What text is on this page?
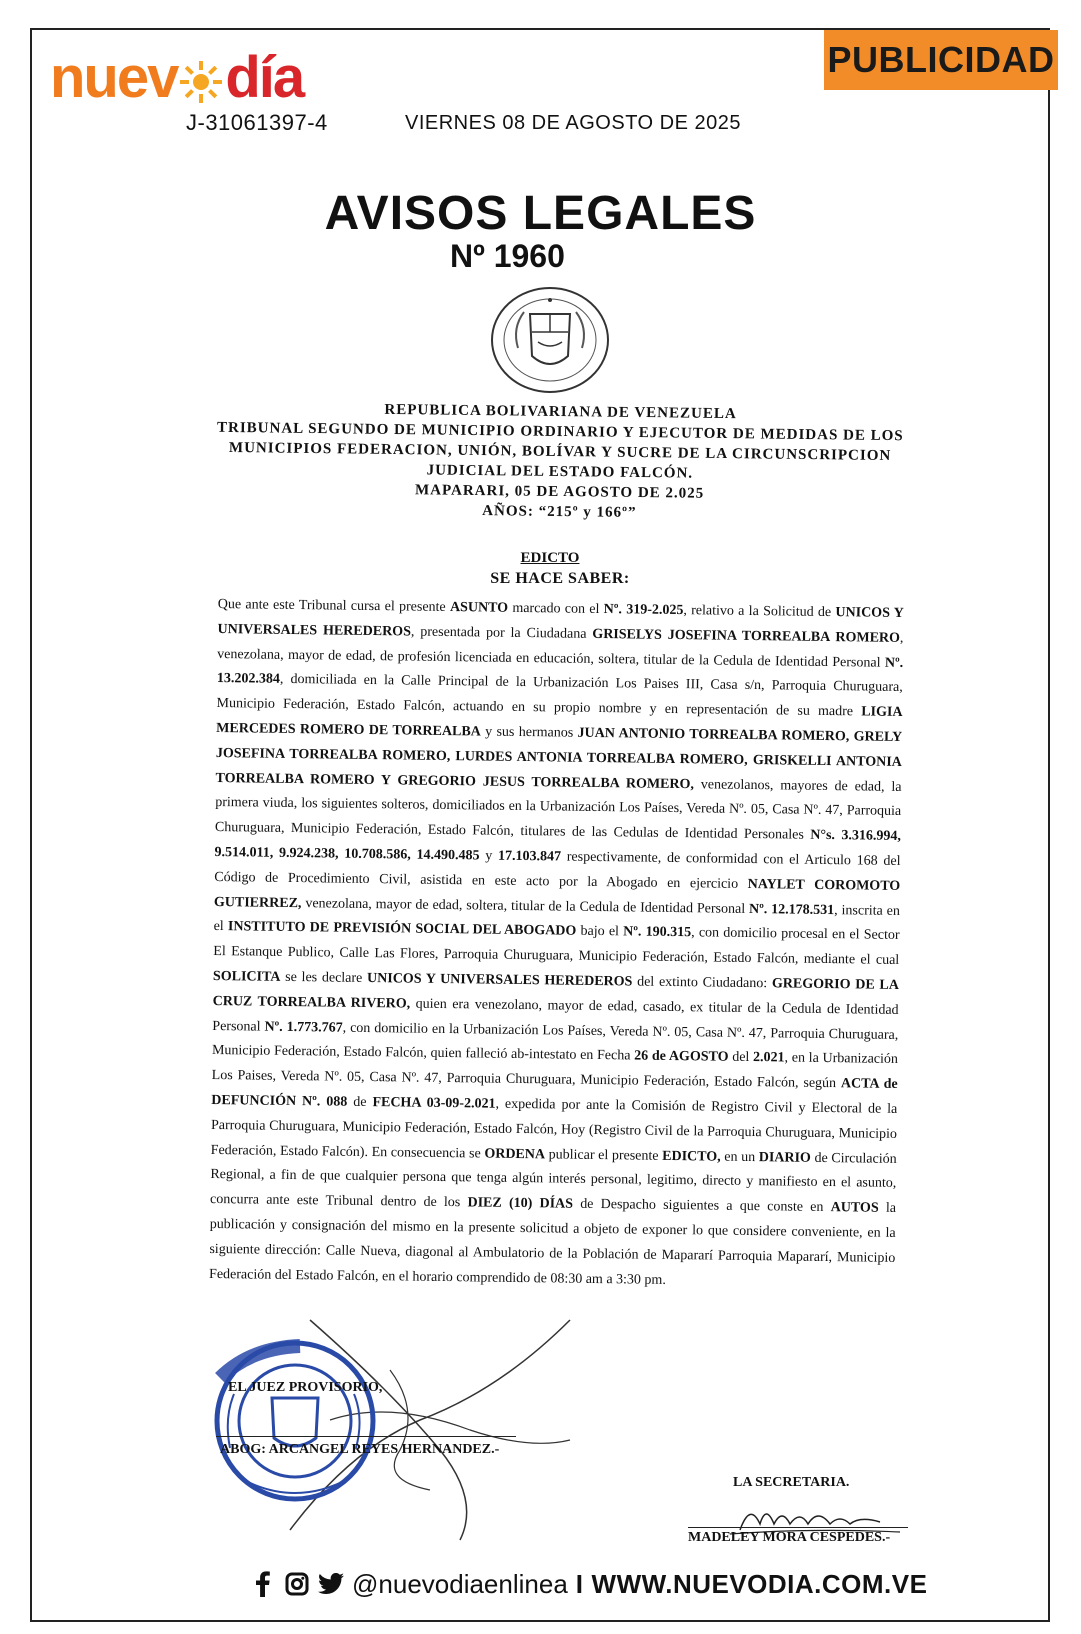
nuev día
J-31061397-4	VIERNES 08 DE AGOSTO DE 2025
PUBLICIDAD
AVISOS LEGALES
Nº 1960
REPUBLICA BOLIVARIANA DE VENEZUELA
TRIBUNAL SEGUNDO DE MUNICIPIO ORDINARIO Y EJECUTOR DE MEDIDAS DE LOS MUNICIPIOS FEDERACION, UNIÓN, BOLÍVAR Y SUCRE DE LA CIRCUNSCRIPCION JUDICIAL DEL ESTADO FALCÓN.
MAPARARI, 05 DE AGOSTO DE 2.025
AÑOS: “215º y 166º”
EDICTO
SE HACE SABER:
Que ante este Tribunal cursa el presente ASUNTO marcado con el Nº. 319-2.025, relativo a la Solicitud de UNICOS Y UNIVERSALES HEREDEROS, presentada por la Ciudadana GRISELYS JOSEFINA TORREALBA ROMERO, venezolana, mayor de edad, de profesión licenciada en educación, soltera, titular de la Cedula de Identidad Personal Nº. 13.202.384, domiciliada en la Calle Principal de la Urbanización Los Paises III, Casa s/n, Parroquia Churuguara, Municipio Federación, Estado Falcón, actuando en su propio nombre y en representación de su madre LIGIA MERCEDES ROMERO DE TORREALBA y sus hermanos JUAN ANTONIO TORREALBA ROMERO, GRELY JOSEFINA TORREALBA ROMERO, LURDES ANTONIA TORREALBA ROMERO, GRISKELLI ANTONIA TORREALBA ROMERO Y GREGORIO JESUS TORREALBA ROMERO, venezolanos, mayores de edad, la primera viuda, los siguientes solteros, domiciliados en la Urbanización Los Países, Vereda Nº. 05, Casa Nº. 47, Parroquia Churuguara, Municipio Federación, Estado Falcón, titulares de las Cedulas de Identidad Personales N°s. 3.316.994, 9.514.011, 9.924.238, 10.708.586, 14.490.485 y 17.103.847 respectivamente, de conformidad con el Articulo 168 del Código de Procedimiento Civil, asistida en este acto por la Abogado en ejercicio NAYLET COROMOTO GUTIERREZ, venezolana, mayor de edad, soltera, titular de la Cedula de Identidad Personal Nº. 12.178.531, inscrita en el INSTITUTO DE PREVISIÓN SOCIAL DEL ABOGADO bajo el Nº. 190.315, con domicilio procesal en el Sector El Estanque Publico, Calle Las Flores, Parroquia Churuguara, Municipio Federación, Estado Falcón, mediante el cual SOLICITA se les declare UNICOS Y UNIVERSALES HEREDEROS del extinto Ciudadano: GREGORIO DE LA CRUZ TORREALBA RIVERO, quien era venezolano, mayor de edad, casado, ex titular de la Cedula de Identidad Personal Nº. 1.773.767, con domicilio en la Urbanización Los Países, Vereda Nº. 05, Casa Nº. 47, Parroquia Churuguara, Municipio Federación, Estado Falcón, quien falleció ab-intestato en Fecha 26 de AGOSTO del 2.021, en la Urbanización Los Paises, Vereda Nº. 05, Casa Nº. 47, Parroquia Churuguara, Municipio Federación, Estado Falcón, según ACTA de DEFUNCIÓN Nº. 088 de FECHA 03-09-2.021, expedida por ante la Comisión de Registro Civil y Electoral de la Parroquia Churuguara, Municipio Federación, Estado Falcón, Hoy (Registro Civil de la Parroquia Churuguara, Municipio Federación, Estado Falcón). En consecuencia se ORDENA publicar el presente EDICTO, en un DIARIO de Circulación Regional, a fin de que cualquier persona que tenga algún interés personal, legitimo, directo y manifiesto en el asunto, concurra ante este Tribunal dentro de los DIEZ (10) DÍAS de Despacho siguientes a que conste en AUTOS la publicación y consignación del mismo en la presente solicitud a objeto de exponer lo que considere conveniente, en la siguiente dirección: Calle Nueva, diagonal al Ambulatorio de la Población de Mapararí Parroquia Mapararí, Municipio Federación del Estado Falcón, en el horario comprendido de 08:30 am a 3:30 pm.
EL JUEZ PROVISORIO,
ABOG: ARCANGEL REYES HERNANDEZ.-
LA SECRETARIA.
MADELEY MORA CESPEDES.-
@nuevodiaenlinea I WWW.NUEVODIA.COM.VE
